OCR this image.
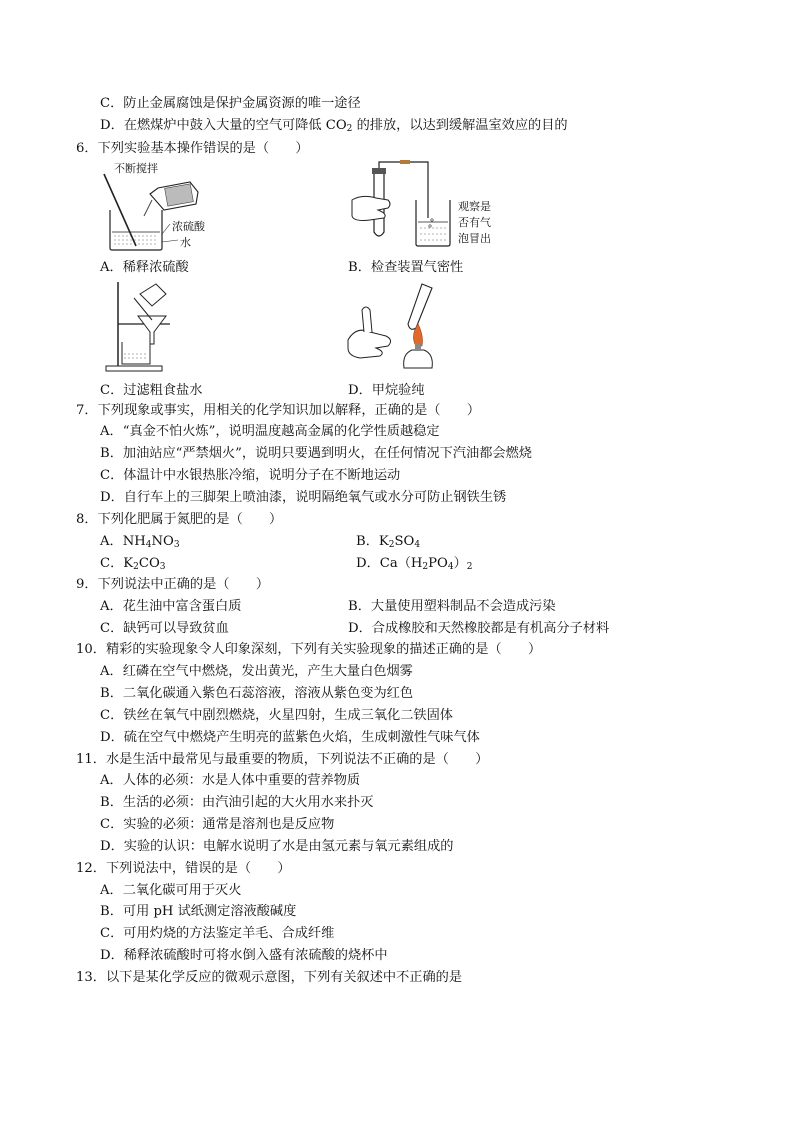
C．防止金属腐蚀是保护金属资源的唯一途径
D．在燃煤炉中鼓入大量的空气可降低 $CO_2$ 的排放，以达到缓解温室效应的目的
6．下列实验基本操作错误的是（　　）
不断搅拌
浓硫酸
水
A．稀释浓硫酸
观察是
否有气
泡冒出
B．检查装置气密性
C．过滤粗食盐水	D．甲烷验纯
7．下列现象或事实，用相关的化学知识加以解释，正确的是（　　）
A．“真金不怕火炼”，说明温度越高金属的化学性质越稳定
B．加油站应“严禁烟火”，说明只要遇到明火，在任何情况下汽油都会燃烧
C．体温计中水银热胀冷缩，说明分子在不断地运动
D．自行车上的三脚架上喷油漆，说明隔绝氧气或水分可防止钢铁生锈
8．下列化肥属于氮肥的是（　　）
A．$NH_4NO_3$	B．$K_2SO_4$
C．$K_2CO_3$	D．$Ca(H_2PO_4)_2$
9．下列说法中正确的是（　　）
A．花生油中富含蛋白质	B．大量使用塑料制品不会造成污染
C．缺钙可以导致贫血	D．合成橡胶和天然橡胶都是有机高分子材料
10．精彩的实验现象令人印象深刻，下列有关实验现象的描述正确的是（　　）
A．红磷在空气中燃烧，发出黄光，产生大量白色烟雾
B．二氧化碳通入紫色石蕊溶液，溶液从紫色变为红色
C．铁丝在氧气中剧烈燃烧，火星四射，生成三氧化二铁固体
D．硫在空气中燃烧产生明亮的蓝紫色火焰，生成刺激性气味气体
11．水是生活中最常见与最重要的物质，下列说法不正确的是（　　）
A．人体的必须：水是人体中重要的营养物质
B．生活的必须：由汽油引起的大火用水来扑灭
C．实验的必须：通常是溶剂也是反应物
D．实验的认识：电解水说明了水是由氢元素与氧元素组成的
12．下列说法中，错误的是（　　）
A．二氧化碳可用于灭火
B．可用 pH 试纸测定溶液酸碱度
C．可用灼烧的方法鉴定羊毛、合成纤维
D．稀释浓硫酸时可将水倒入盛有浓硫酸的烧杯中
13．以下是某化学反应的微观示意图，下列有关叙述中不正确的是
